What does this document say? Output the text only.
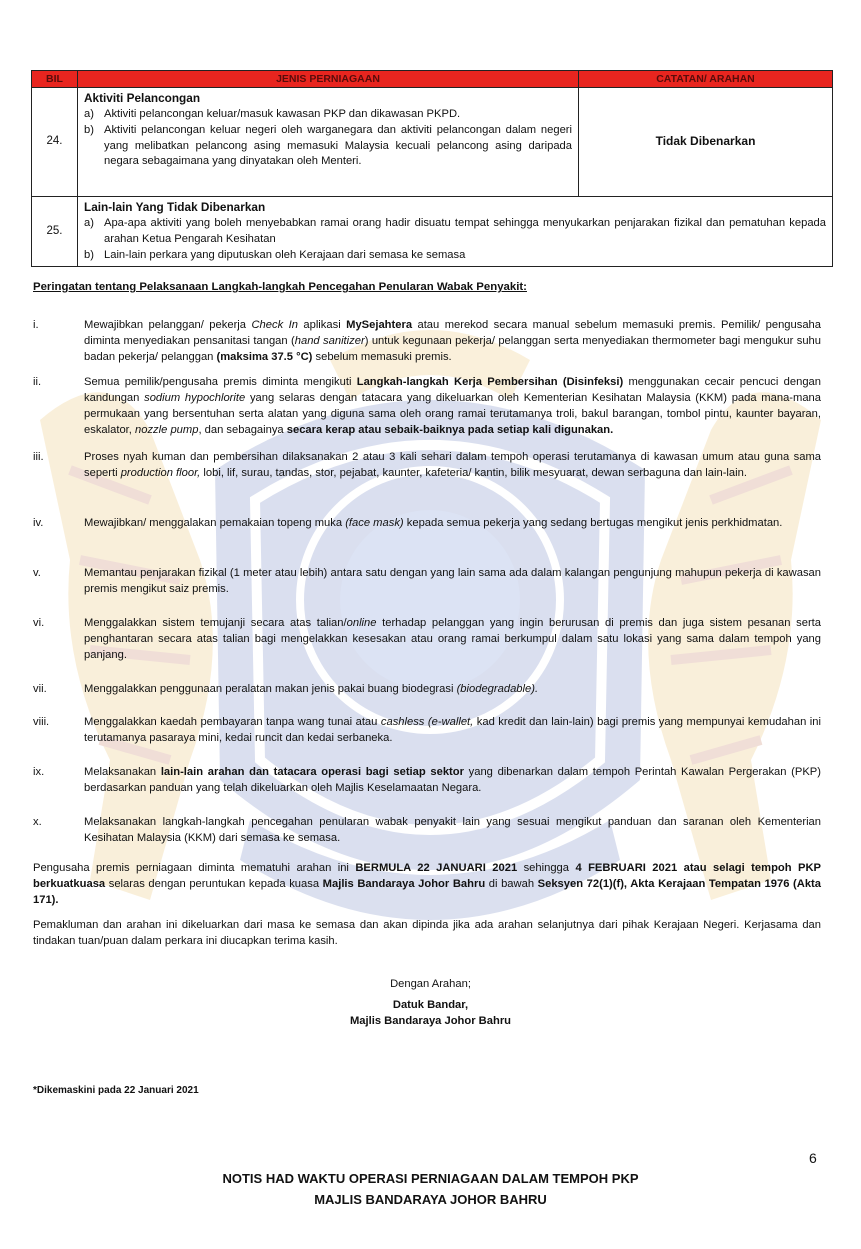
BIL	JENIS PERNIAGAAN	CATATAN/ ARAHAN
24.	Aktiviti Pelancongan
a) Aktiviti pelancongan keluar/masuk kawasan PKP dan dikawasan PKPD.
b) Aktiviti pelancongan keluar negeri oleh warganegara dan aktiviti pelancongan dalam negeri yang melibatkan pelancong asing memasuki Malaysia kecuali pelancong asing daripada negara sebagaimana yang dinyatakan oleh Menteri.	Tidak Dibenarkan
25.	Lain-lain Yang Tidak Dibenarkan
a) Apa-apa aktiviti yang boleh menyebabkan ramai orang hadir disuatu tempat sehingga menyukarkan penjarakan fizikal dan pematuhan kepada arahan Ketua Pengarah Kesihatan
b) Lain-lain perkara yang diputuskan oleh Kerajaan dari semasa ke semasa	
Peringatan tentang Pelaksanaan Langkah-langkah Pencegahan Penularan Wabak Penyakit:
i.	Mewajibkan pelanggan/ pekerja Check In aplikasi MySejahtera atau merekod secara manual sebelum memasuki premis. Pemilik/ pengusaha diminta menyediakan pensanitasi tangan (hand sanitizer) untuk kegunaan pekerja/ pelanggan serta menyediakan thermometer bagi mengukur suhu badan pekerja/ pelanggan (maksima 37.5 °C) sebelum memasuki premis.
ii.	Semua pemilik/pengusaha premis diminta mengikuti Langkah-langkah Kerja Pembersihan (Disinfeksi) menggunakan cecair pencuci dengan kandungan sodium hypochlorite yang selaras dengan tatacara yang dikeluarkan oleh Kementerian Kesihatan Malaysia (KKM) pada mana-mana permukaan yang bersentuhan serta alatan yang diguna sama oleh orang ramai terutamanya troli, bakul barangan, tombol pintu, kaunter bayaran, eskalator, nozzle pump, dan sebagainya secara kerap atau sebaik-baiknya pada setiap kali digunakan.
iii.	Proses nyah kuman dan pembersihan dilaksanakan 2 atau 3 kali sehari dalam tempoh operasi terutamanya di kawasan umum atau guna sama seperti production floor, lobi, lif, surau, tandas, stor, pejabat, kaunter, kafeteria/ kantin, bilik mesyuarat, dewan serbaguna dan lain-lain.
iv.	Mewajibkan/ menggalakan pemakaian topeng muka (face mask) kepada semua pekerja yang sedang bertugas mengikut jenis perkhidmatan.
v.	Memantau penjarakan fizikal (1 meter atau lebih) antara satu dengan yang lain sama ada dalam kalangan pengunjung mahupun pekerja di kawasan premis mengikut saiz premis.
vi.	Menggalakkan sistem temujanji secara atas talian/online terhadap pelanggan yang ingin berurusan di premis dan juga sistem pesanan serta penghantaran secara atas talian bagi mengelakkan kesesakan atau orang ramai berkumpul dalam satu lokasi yang sama dalam tempoh yang panjang.
vii.	Menggalakkan penggunaan peralatan makan jenis pakai buang biodegrasi (biodegradable).
viii.	Menggalakkan kaedah pembayaran tanpa wang tunai atau cashless (e-wallet, kad kredit dan lain-lain) bagi premis yang mempunyai kemudahan ini terutamanya pasaraya mini, kedai runcit dan kedai serbaneka.
ix.	Melaksanakan lain-lain arahan dan tatacara operasi bagi setiap sektor yang dibenarkan dalam tempoh Perintah Kawalan Pergerakan (PKP) berdasarkan panduan yang telah dikeluarkan oleh Majlis Keselamaatan Negara.
x.	Melaksanakan langkah-langkah pencegahan penularan wabak penyakit lain yang sesuai mengikut panduan dan saranan oleh Kementerian Kesihatan Malaysia (KKM) dari semasa ke semasa.
Pengusaha premis perniagaan diminta mematuhi arahan ini BERMULA 22 JANUARI 2021 sehingga 4 FEBRUARI 2021 atau selagi tempoh PKP berkuatkuasa selaras dengan peruntukan kepada kuasa Majlis Bandaraya Johor Bahru di bawah Seksyen 72(1)(f), Akta Kerajaan Tempatan 1976 (Akta 171).
Pemakluman dan arahan ini dikeluarkan dari masa ke semasa dan akan dipinda jika ada arahan selanjutnya dari pihak Kerajaan Negeri. Kerjasama dan tindakan tuan/puan dalam perkara ini diucapkan terima kasih.
Dengan Arahan;
Datuk Bandar,
Majlis Bandaraya Johor Bahru
*Dikemaskini pada 22 Januari 2021
6
NOTIS HAD WAKTU OPERASI PERNIAGAAN DALAM TEMPOH PKP
MAJLIS BANDARAYA JOHOR BAHRU
